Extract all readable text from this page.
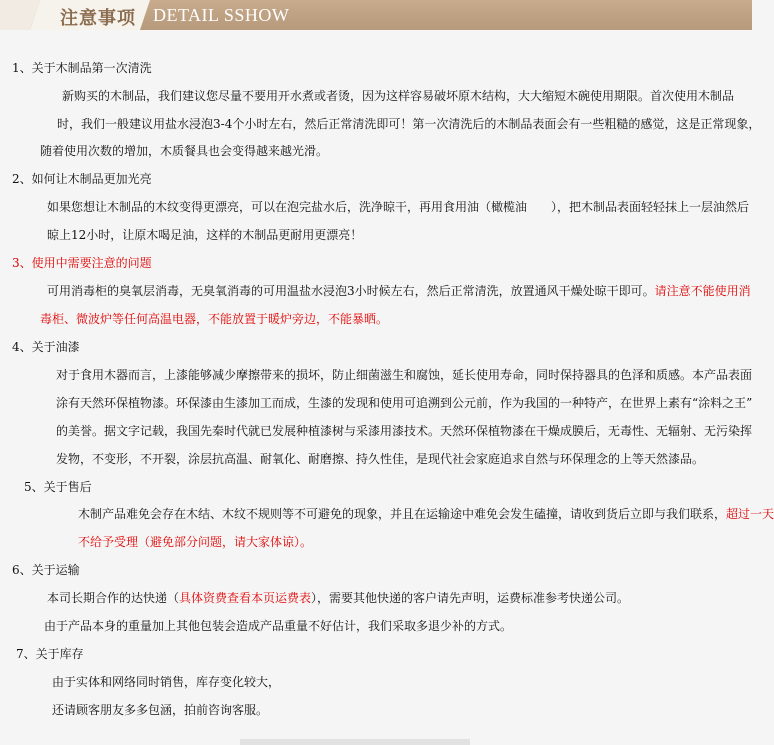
注意事项 DETAIL SSHOW
1、关于木制品第一次清洗
新购买的木制品，我们建议您尽量不要用开水煮或者烫，因为这样容易破坏原木结构，大大缩短木碗使用期限。首次使用木制品
时，我们一般建议用盐水浸泡3-4个小时左右，然后正常清洗即可！第一次清洗后的木制品表面会有一些粗糙的感觉，这是正常现象，
随着使用次数的增加，木质餐具也会变得越来越光滑。
2、如何让木制品更加光亮
如果您想让木制品的木纹变得更漂亮，可以在泡完盐水后，洗净晾干，再用食用油（橄榄油　　），把木制品表面轻轻抹上一层油然后
晾上12小时，让原木喝足油，这样的木制品更耐用更漂亮！
3、使用中需要注意的问题
可用消毒柜的臭氧层消毒，无臭氧消毒的可用温盐水浸泡3小时候左右，然后正常清洗，放置通风干燥处晾干即可。请注意不能使用消
毒柜、微波炉等任何高温电器，不能放置于暖炉旁边，不能暴晒。
4、关于油漆
对于食用木器而言，上漆能够减少摩擦带来的损坏，防止细菌滋生和腐蚀，延长使用寿命，同时保持器具的色泽和质感。本产品表面
涂有天然环保植物漆。环保漆由生漆加工而成，生漆的发现和使用可追溯到公元前，作为我国的一种特产，在世界上素有“涂料之王”
的美誉。据文字记载，我国先秦时代就已发展种植漆树与采漆用漆技术。天然环保植物漆在干燥成膜后，无毒性、无辐射、无污染挥
发物，不变形，不开裂，涂层抗高温、耐氧化、耐磨擦、持久性佳，是现代社会家庭追求自然与环保理念的上等天然漆品。
5、关于售后
木制产品难免会存在木结、木纹不规则等不可避免的现象，并且在运输途中难免会发生磕撞，请收到货后立即与我们联系，超过一天
不给予受理（避免部分问题，请大家体谅）。
6、关于运输
本司长期合作的达快递（具体资费查看本页运费表），需要其他快递的客户请先声明，运费标准参考快递公司。
由于产品本身的重量加上其他包装会造成产品重量不好估计，我们采取多退少补的方式。
7、关于库存
由于实体和网络同时销售，库存变化较大，
还请顾客朋友多多包涵，拍前咨询客服。
